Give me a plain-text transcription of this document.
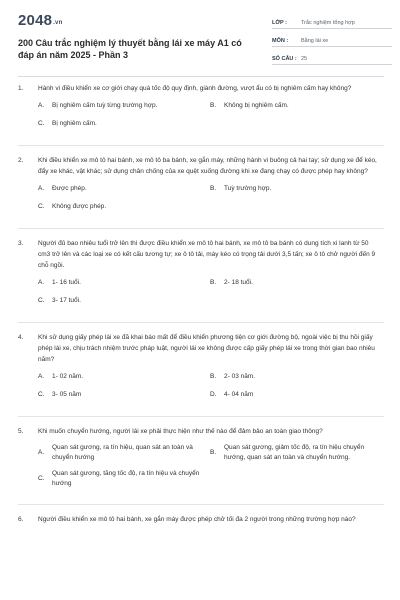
2048.vn
200 Câu trắc nghiệm lý thuyết bằng lái xe máy A1 có đáp án năm 2025 - Phần 3
LỚP :	Trắc nghiệm tổng hợp
MÔN :	Bằng lái xe
SỐ CÂU : 25
1.	Hành vi điều khiển xe cơ giới chạy quá tốc độ quy định, giành đường, vượt ẩu có bị nghiêm cấm hay không?
A.	Bị nghiêm cấm tuỳ từng trường hợp.	B.	Không bị nghiêm cấm.
C.	Bị nghiêm cấm.
2.	Khi điều khiển xe mô tô hai bánh, xe mô tô ba bánh, xe gắn máy, những hành vi buông cả hai tay; sử dụng xe để kéo, đẩy xe khác, vật khác; sử dụng chân chống của xe quệt xuống đường khi xe đang chạy có được phép hay không?
A.	Được phép.	B.	Tuỳ trường hợp.
C.	Không được phép.
3.	Người đủ bao nhiêu tuổi trở lên thì được điều khiển xe mô tô hai bánh, xe mô tô ba bánh có dung tích xi lanh từ 50 cm3 trở lên và các loại xe có kết cấu tương tự; xe ô tô tải, máy kéo có trọng tải dưới 3,5 tấn; xe ô tô chở người đến 9 chỗ ngồi.
A.	1- 16 tuổi.	B.	2- 18 tuổi.
C.	3- 17 tuổi.
4.	Khi sử dụng giấy phép lái xe đã khai báo mất để điều khiển phương tiện cơ giới đường bộ, ngoài việc bị thu hồi giấy phép lái xe, chịu trách nhiệm trước pháp luật, người lái xe không được cấp giấy phép lái xe trong thời gian bao nhiêu năm?
A.	1- 02 năm.	B.	2- 03 năm.
C.	3- 05 năm	D.	4- 04 năm
5.	Khi muốn chuyển hướng, người lái xe phải thực hiện như thế nào để đảm bảo an toàn giao thông?
A.
Quan sát gương, ra tín hiệu, quan sát an toàn và chuyển hướng
B.
Quan sát gương, giảm tốc độ, ra tín hiệu chuyển hướng, quan sát an toàn và chuyển hướng.
C.
Quan sát gương, tăng tốc độ, ra tín hiệu và chuyển hướng
6.	Người điều khiển xe mô tô hai bánh, xe gắn máy được phép chở tối đa 2 người trong những trường hợp nào?
